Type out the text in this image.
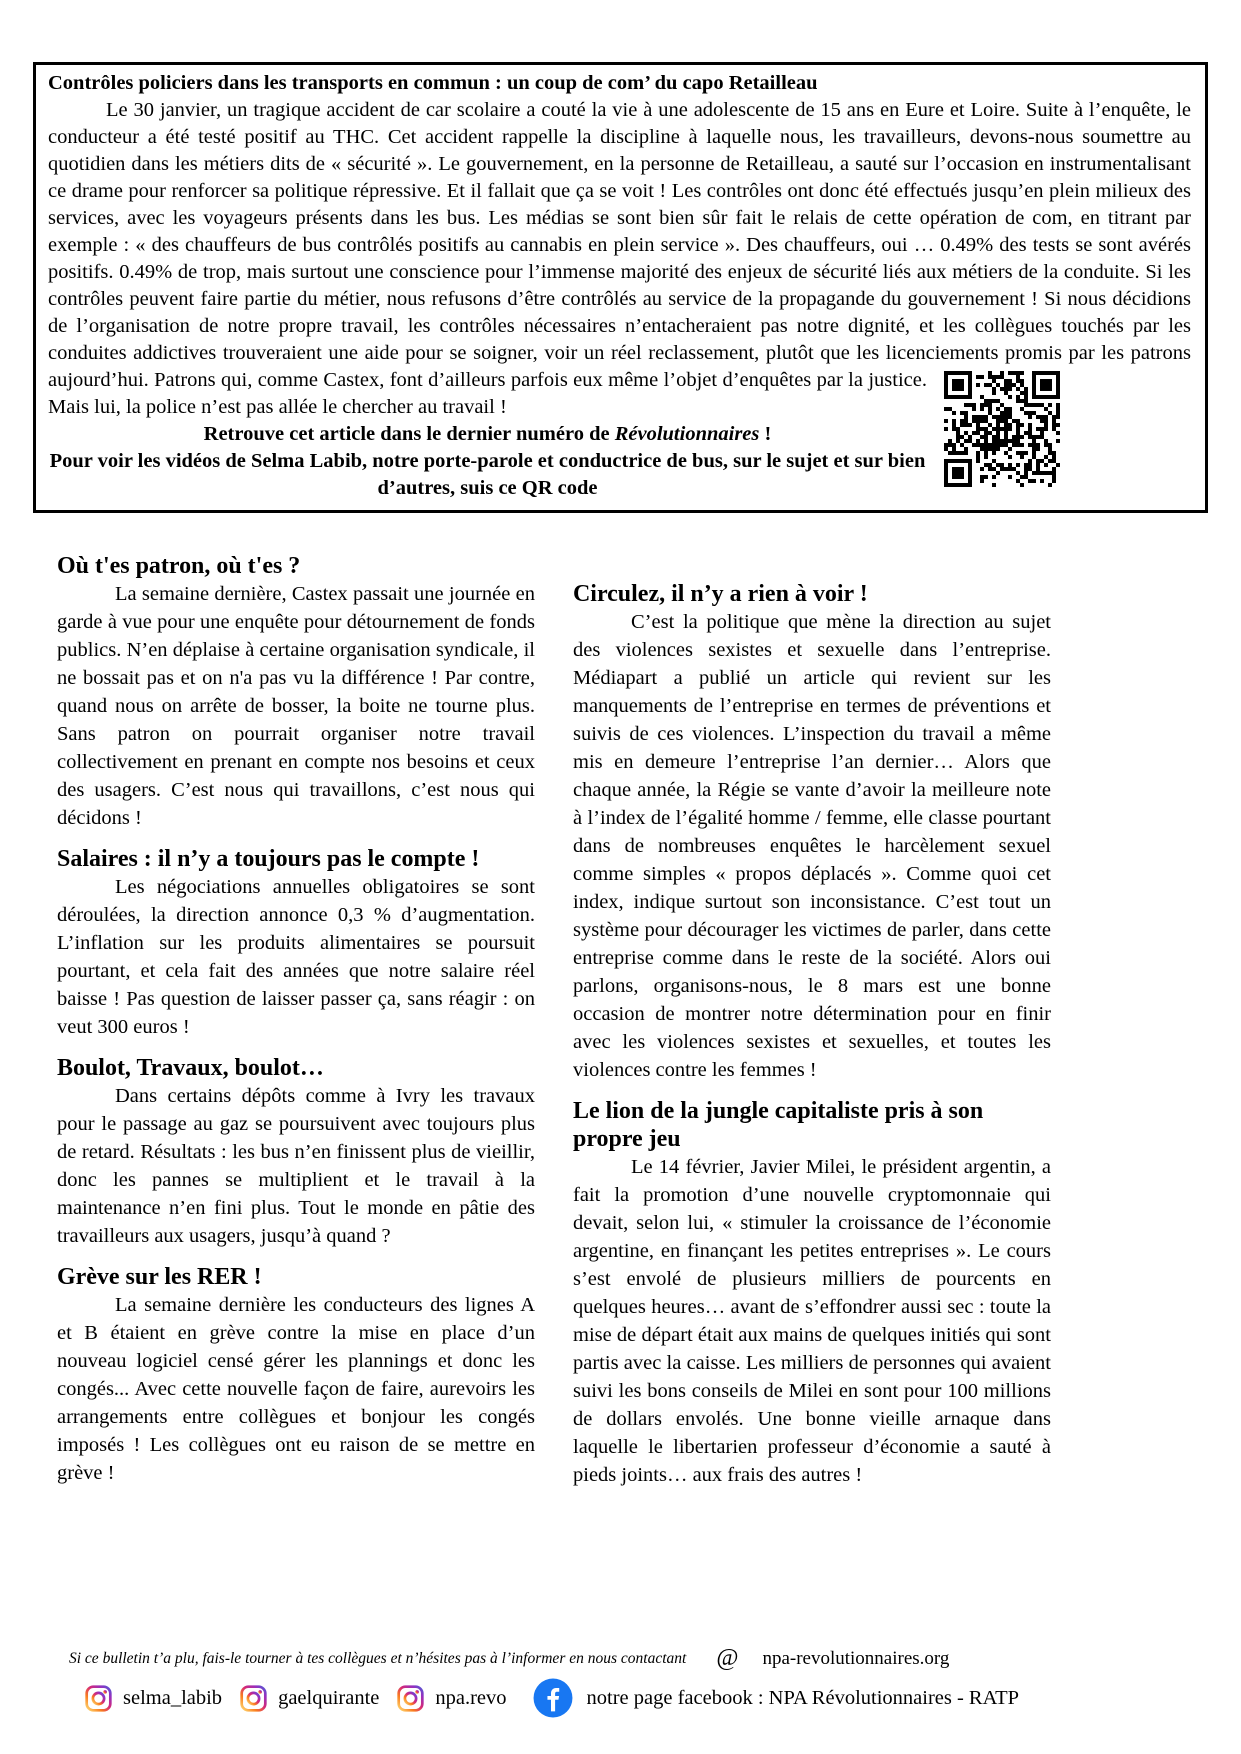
Contrôles policiers dans les transports en commun : un coup de com’ du capo Retailleau

Le 30 janvier, un tragique accident de car scolaire a couté la vie à une adolescente de 15 ans en Eure et Loire. Suite à l’enquête, le conducteur a été testé positif au THC. Cet accident rappelle la discipline à laquelle nous, les travailleurs, devons-nous soumettre au quotidien dans les métiers dits de « sécurité ». Le gouvernement, en la personne de Retailleau, a sauté sur l’occasion en instrumentalisant ce drame pour renforcer sa politique répressive. Et il fallait que ça se voit ! Les contrôles ont donc été effectués jusqu’en plein milieux des services, avec les voyageurs présents dans les bus. Les médias se sont bien sûr fait le relais de cette opération de com, en titrant par exemple : « des chauffeurs de bus contrôlés positifs au cannabis en plein service ». Des chauffeurs, oui … 0.49% des tests se sont avérés positifs. 0.49% de trop, mais surtout une conscience pour l’immense majorité des enjeux de sécurité liés aux métiers de la conduite. Si les contrôles peuvent faire partie du métier, nous refusons d’être contrôlés au service de la propagande du gouvernement ! Si nous décidions de l’organisation de notre propre travail, les contrôles nécessaires n’entacheraient pas notre dignité, et les collègues touchés par les conduites addictives trouveraient une aide pour se soigner, voir un réel reclassement, plutôt que les licenciements promis par les patrons
aujourd’hui. Patrons qui, comme Castex, font d’ailleurs parfois eux même l’objet d’enquêtes par la justice. Mais lui, la police n’est pas allée le chercher au travail !

Retrouve cet article dans le dernier numéro de Révolutionnaires !
Pour voir les vidéos de Selma Labib, notre porte-parole et conductrice de bus, sur le sujet et sur bien d’autres, suis ce QR code
Où t'es patron, où t'es ?

La semaine dernière, Castex passait une journée en garde à vue pour une enquête pour détournement de fonds publics. N’en déplaise à certaine organisation syndicale, il ne bossait pas et on n'a pas vu la différence ! Par contre, quand nous on arrête de bosser, la boite ne tourne plus. Sans patron on pourrait organiser notre travail collectivement en prenant en compte nos besoins et ceux des usagers. C’est nous qui travaillons, c’est nous qui décidons !

Salaires : il n’y a toujours pas le compte !

Les négociations annuelles obligatoires se sont déroulées, la direction annonce 0,3 % d’augmentation. L’inflation sur les produits alimentaires se poursuit pourtant, et cela fait des années que notre salaire réel baisse ! Pas question de laisser passer ça, sans réagir : on veut 300 euros !

Boulot, Travaux, boulot…

Dans certains dépôts comme à Ivry les travaux pour le passage au gaz se poursuivent avec toujours plus de retard. Résultats : les bus n’en finissent plus de vieillir, donc les pannes se multiplient et le travail à la maintenance n’en fini plus. Tout le monde en pâtie des travailleurs aux usagers, jusqu’à quand ?

Grève sur les RER !

La semaine dernière les conducteurs des lignes A et B étaient en grève contre la mise en place d’un nouveau logiciel censé gérer les plannings et donc les congés... Avec cette nouvelle façon de faire, aurevoirs les arrangements entre collègues et bonjour les congés imposés ! Les collègues ont eu raison de se mettre en grève !

Circulez, il n’y a rien à voir !

C’est la politique que mène la direction au sujet des violences sexistes et sexuelle dans l’entreprise. Médiapart a publié un article qui revient sur les manquements de l’entreprise en termes de préventions et suivis de ces violences. L’inspection du travail a même mis en demeure l’entreprise l’an dernier… Alors que chaque année, la Régie se vante d’avoir la meilleure note à l’index de l’égalité homme / femme, elle classe pourtant dans de nombreuses enquêtes le harcèlement sexuel comme simples « propos déplacés ». Comme quoi cet index, indique surtout son inconsistance. C’est tout un système pour décourager les victimes de parler, dans cette entreprise comme dans le reste de la société. Alors oui parlons, organisons-nous, le 8 mars est une bonne occasion de montrer notre détermination pour en finir avec les violences sexistes et sexuelles, et toutes les violences contre les femmes !

Le lion de la jungle capitaliste pris à son propre jeu

Le 14 février, Javier Milei, le président argentin, a fait la promotion d’une nouvelle cryptomonnaie qui devait, selon lui, « stimuler la croissance de l’économie argentine, en finançant les petites entreprises ». Le cours s’est envolé de plusieurs milliers de pourcents en quelques heures… avant de s’effondrer aussi sec : toute la mise de départ était aux mains de quelques initiés qui sont partis avec la caisse. Les milliers de personnes qui avaient suivi les bons conseils de Milei en sont pour 100 millions de dollars envolés. Une bonne vieille arnaque dans laquelle le libertarien professeur d’économie a sauté à pieds joints… aux frais des autres !

Si ce bulletin t’a plu, fais-le tourner à tes collègues et n’hésites pas à l’informer en nous contactant @ npa-revolutionnaires.org
selma_labib	gaelquirante	npa.revo	notre page facebook : NPA Révolutionnaires - RATP
